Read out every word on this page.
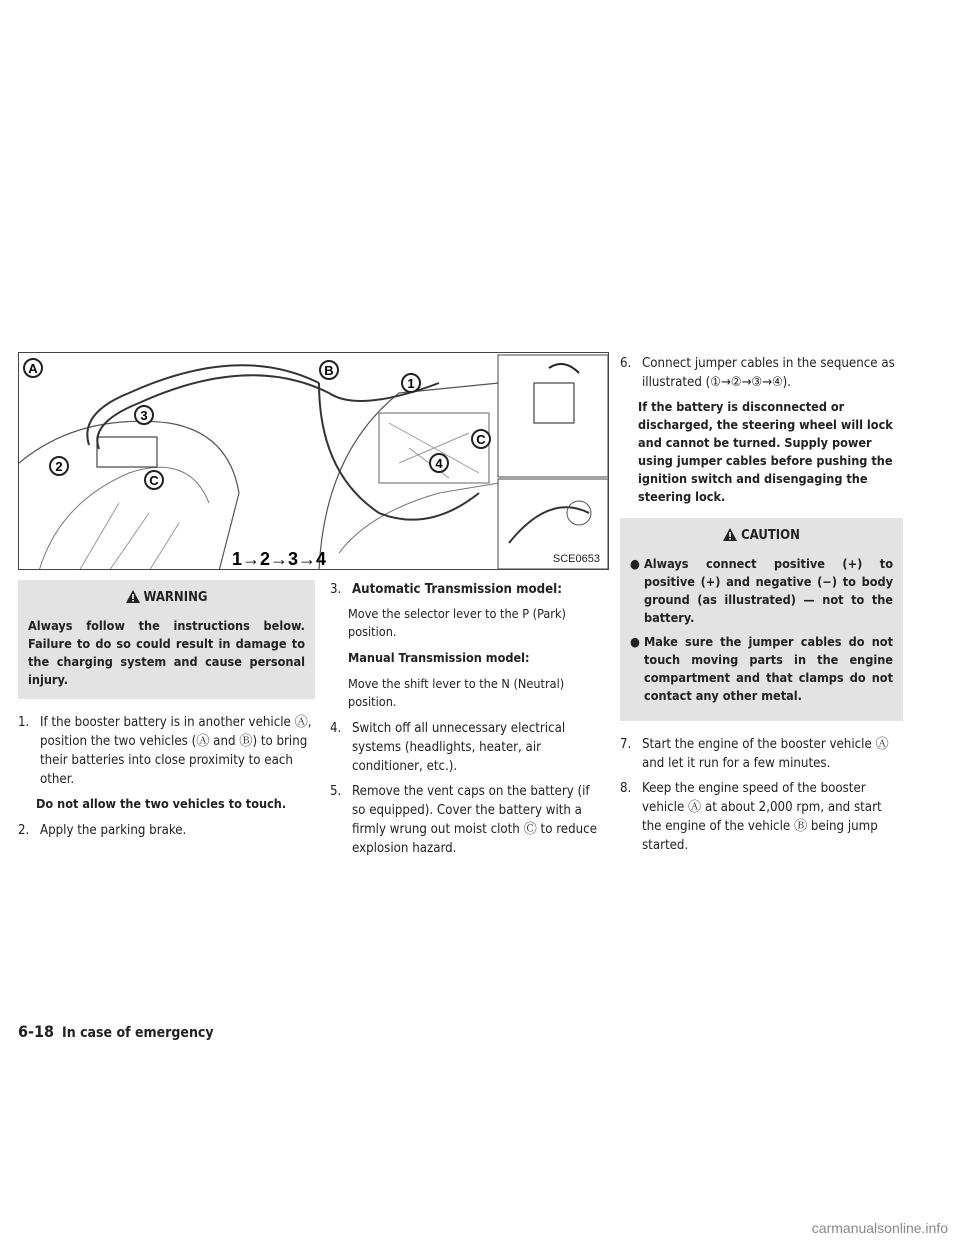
A	B
C
C
1
2
3
4
1→2→3→4	SCE0653
WARNING
Always follow the instructions below. Failure to do so could result in damage to the charging system and cause personal injury.
1. If the booster battery is in another vehicle Ⓐ, position the two vehicles (Ⓐ and Ⓑ) to bring their batteries into close proximity to each other.
Do not allow the two vehicles to touch.
2. Apply the parking brake.
3. Automatic Transmission model:
Move the selector lever to the P (Park) position.
Manual Transmission model:
Move the shift lever to the N (Neutral) position.
4. Switch off all unnecessary electrical systems (headlights, heater, air conditioner, etc.).
5. Remove the vent caps on the battery (if so equipped). Cover the battery with a firmly wrung out moist cloth Ⓒ to reduce explosion hazard.
6. Connect jumper cables in the sequence as illustrated (①→②→③→④).
If the battery is disconnected or discharged, the steering wheel will lock and cannot be turned. Supply power using jumper cables before pushing the ignition switch and disengaging the steering lock.
CAUTION
● Always connect positive (+) to positive (+) and negative (−) to body ground (as illustrated) — not to the battery.
● Make sure the jumper cables do not touch moving parts in the engine compartment and that clamps do not contact any other metal.
7. Start the engine of the booster vehicle Ⓐ and let it run for a few minutes.
8. Keep the engine speed of the booster vehicle Ⓐ at about 2,000 rpm, and start the engine of the vehicle Ⓑ being jump started.
6-18 In case of emergency
carmanualsonline.info
